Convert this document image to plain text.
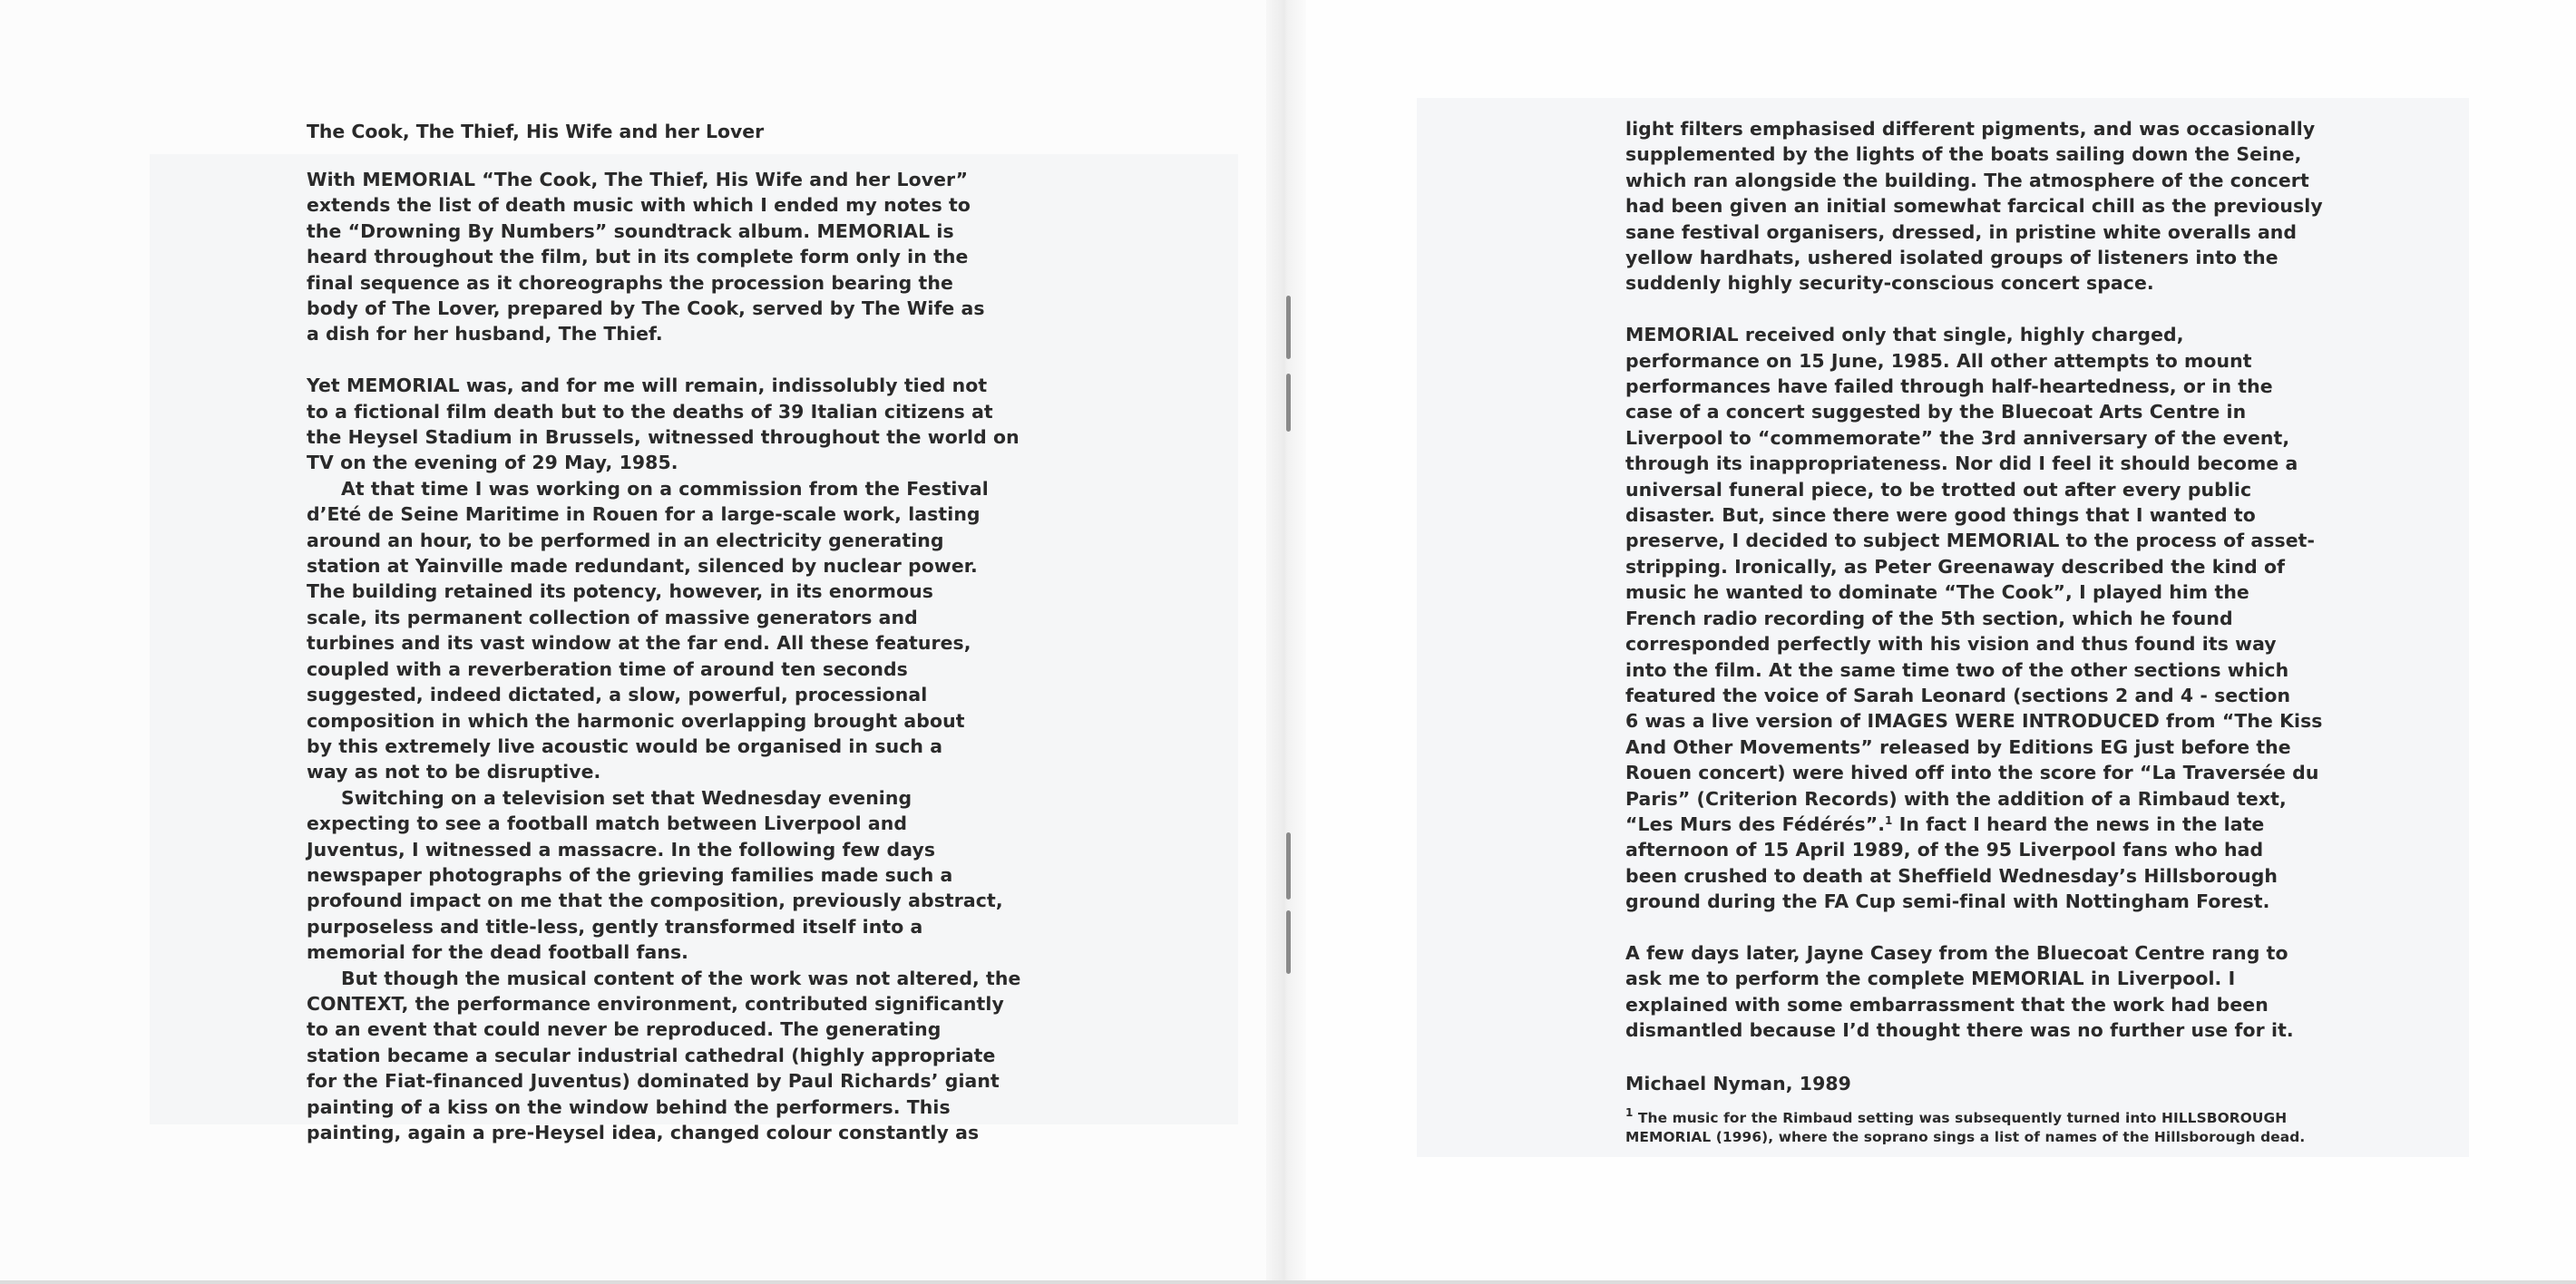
The Cook, The Thief, His Wife and her Lover

With MEMORIAL “The Cook, The Thief, His Wife and her Lover”
extends the list of death music with which I ended my notes to
the “Drowning By Numbers” soundtrack album. MEMORIAL is
heard throughout the film, but in its complete form only in the
final sequence as it choreographs the procession bearing the
body of The Lover, prepared by The Cook, served by The Wife as
a dish for her husband, The Thief.

Yet MEMORIAL was, and for me will remain, indissolubly tied not
to a fictional film death but to the deaths of 39 Italian citizens at
the Heysel Stadium in Brussels, witnessed throughout the world on
TV on the evening of 29 May, 1985.

At that time I was working on a commission from the Festival
d’Eté de Seine Maritime in Rouen for a large-scale work, lasting
around an hour, to be performed in an electricity generating
station at Yainville made redundant, silenced by nuclear power.
The building retained its potency, however, in its enormous
scale, its permanent collection of massive generators and
turbines and its vast window at the far end. All these features,
coupled with a reverberation time of around ten seconds
suggested, indeed dictated, a slow, powerful, processional
composition in which the harmonic overlapping brought about
by this extremely live acoustic would be organised in such a
way as not to be disruptive.

Switching on a television set that Wednesday evening
expecting to see a football match between Liverpool and
Juventus, I witnessed a massacre. In the following few days
newspaper photographs of the grieving families made such a
profound impact on me that the composition, previously abstract,
purposeless and title-less, gently transformed itself into a
memorial for the dead football fans.

But though the musical content of the work was not altered, the
CONTEXT, the performance environment, contributed significantly
to an event that could never be reproduced. The generating
station became a secular industrial cathedral (highly appropriate
for the Fiat-financed Juventus) dominated by Paul Richards’ giant
painting of a kiss on the window behind the performers. This
painting, again a pre-Heysel idea, changed colour constantly as

light filters emphasised different pigments, and was occasionally
supplemented by the lights of the boats sailing down the Seine,
which ran alongside the building. The atmosphere of the concert
had been given an initial somewhat farcical chill as the previously
sane festival organisers, dressed, in pristine white overalls and
yellow hardhats, ushered isolated groups of listeners into the
suddenly highly security-conscious concert space.

MEMORIAL received only that single, highly charged,
performance on 15 June, 1985. All other attempts to mount
performances have failed through half-heartedness, or in the
case of a concert suggested by the Bluecoat Arts Centre in
Liverpool to “commemorate” the 3rd anniversary of the event,
through its inappropriateness. Nor did I feel it should become a
universal funeral piece, to be trotted out after every public
disaster. But, since there were good things that I wanted to
preserve, I decided to subject MEMORIAL to the process of asset-
stripping. Ironically, as Peter Greenaway described the kind of
music he wanted to dominate “The Cook”, I played him the
French radio recording of the 5th section, which he found
corresponded perfectly with his vision and thus found its way
into the film. At the same time two of the other sections which
featured the voice of Sarah Leonard (sections 2 and 4 - section
6 was a live version of IMAGES WERE INTRODUCED from “The Kiss
And Other Movements” released by Editions EG just before the
Rouen concert) were hived off into the score for “La Traversée du
Paris” (Criterion Records) with the addition of a Rimbaud text,
“Les Murs des Fédérés”.$^1$ In fact I heard the news in the late
afternoon of 15 April 1989, of the 95 Liverpool fans who had
been crushed to death at Sheffield Wednesday’s Hillsborough
ground during the FA Cup semi-final with Nottingham Forest.

A few days later, Jayne Casey from the Bluecoat Centre rang to
ask me to perform the complete MEMORIAL in Liverpool. I
explained with some embarrassment that the work had been
dismantled because I’d thought there was no further use for it.

Michael Nyman, 1989

$^1$ The music for the Rimbaud setting was subsequently turned into HILLSBOROUGH
MEMORIAL (1996), where the soprano sings a list of names of the Hillsborough dead.
